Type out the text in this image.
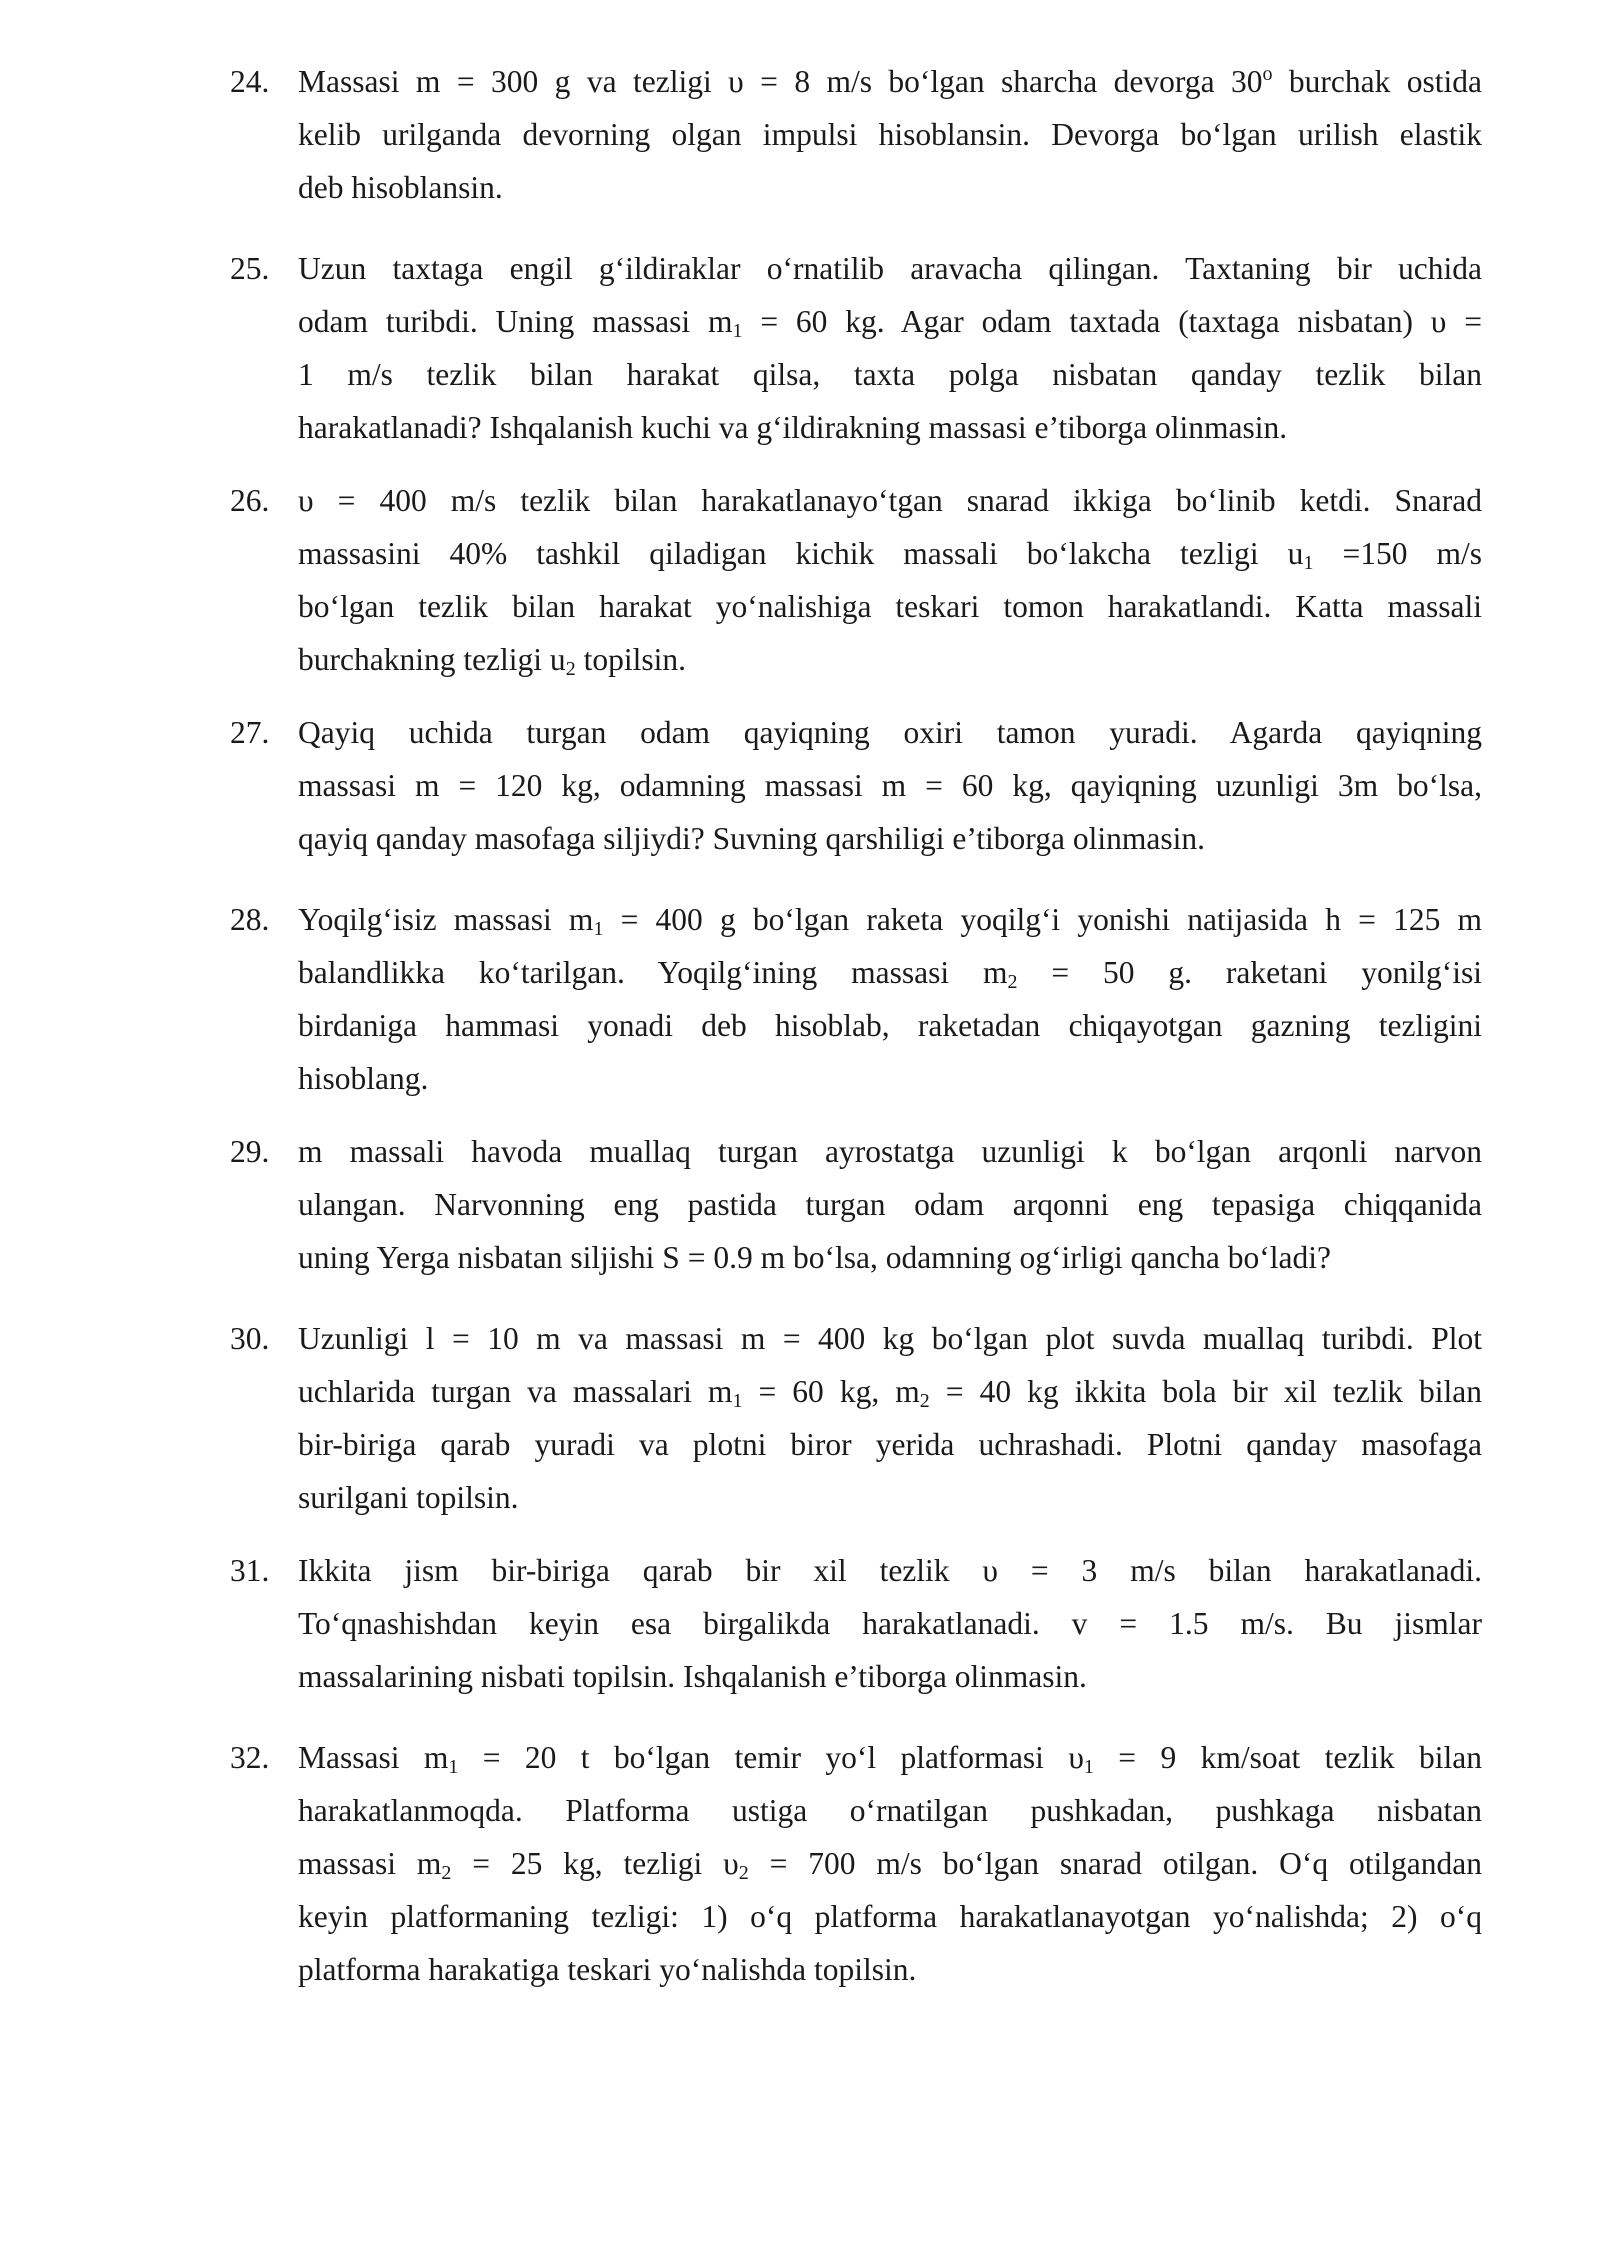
24. Massasi m = 300 g va tezligi υ = 8 m/s bo‘lgan sharcha devorga 30$^o$ burchak ostida
kelib urilganda devorning olgan impulsi hisoblansin. Devorga bo‘lgan urilish elastik
deb hisoblansin.
25. Uzun taxtaga engil g‘ildiraklar o‘rnatilib aravacha qilingan. Taxtaning bir uchida
odam turibdi. Uning massasi $m_1 = 60$ kg. Agar odam taxtada (taxtaga nisbatan) υ =
1 m/s tezlik bilan harakat qilsa, taxta polga nisbatan qanday tezlik bilan
harakatlanadi? Ishqalanish kuchi va g‘ildirakning massasi e’tiborga olinmasin.
26. υ = 400 m/s tezlik bilan harakatlanayo‘tgan snarad ikkiga bo‘linib ketdi. Snarad
massasini 40% tashkil qiladigan kichik massali bo‘lakcha tezligi $u_1 =150$ m/s
bo‘lgan tezlik bilan harakat yo‘nalishiga teskari tomon harakatlandi. Katta massali
burchakning tezligi $u_2$ topilsin.
27. Qayiq uchida turgan odam qayiqning oxiri tamon yuradi. Agarda qayiqning
massasi m = 120 kg, odamning massasi m = 60 kg, qayiqning uzunligi 3m bo‘lsa,
qayiq qanday masofaga siljiydi? Suvning qarshiligi e’tiborga olinmasin.
28. Yoqilg‘isiz massasi $m_1 = 400$ g bo‘lgan raketa yoqilg‘i yonishi natijasida h = 125 m
balandlikka ko‘tarilgan. Yoqilg‘ining massasi $m_2 = 50$ g. raketani yonilg‘isi
birdaniga hammasi yonadi deb hisoblab, raketadan chiqayotgan gazning tezligini
hisoblang.
29. m massali havoda muallaq turgan ayrostatga uzunligi k bo‘lgan arqonli narvon
ulangan. Narvonning eng pastida turgan odam arqonni eng tepasiga chiqqanida
uning Yerga nisbatan siljishi S = 0.9 m bo‘lsa, odamning og‘irligi qancha bo‘ladi?
30. Uzunligi l = 10 m va massasi m = 400 kg bo‘lgan plot suvda muallaq turibdi. Plot
uchlarida turgan va massalari $m_1 = 60$ kg, $m_2 = 40$ kg ikkita bola bir xil tezlik bilan
bir-biriga qarab yuradi va plotni biror yerida uchrashadi. Plotni qanday masofaga
surilgani topilsin.
31. Ikkita jism bir-biriga qarab bir xil tezlik υ = 3 m/s bilan harakatlanadi.
To‘qnashishdan keyin esa birgalikda harakatlanadi. v = 1.5 m/s. Bu jismlar
massalarining nisbati topilsin. Ishqalanish e’tiborga olinmasin.
32. Massasi $m_1 = 20$ t bo‘lgan temir yo‘l platformasi $\upsilon_1 = 9$ km/soat tezlik bilan
harakatlanmoqda. Platforma ustiga o‘rnatilgan pushkadan, pushkaga nisbatan
massasi $m_2 = 25$ kg, tezligi $\upsilon_2 = 700$ m/s bo‘lgan snarad otilgan. O‘q otilgandan
keyin platformaning tezligi: 1) o‘q platforma harakatlanayotgan yo‘nalishda; 2) o‘q
platforma harakatiga teskari yo‘nalishda topilsin.
